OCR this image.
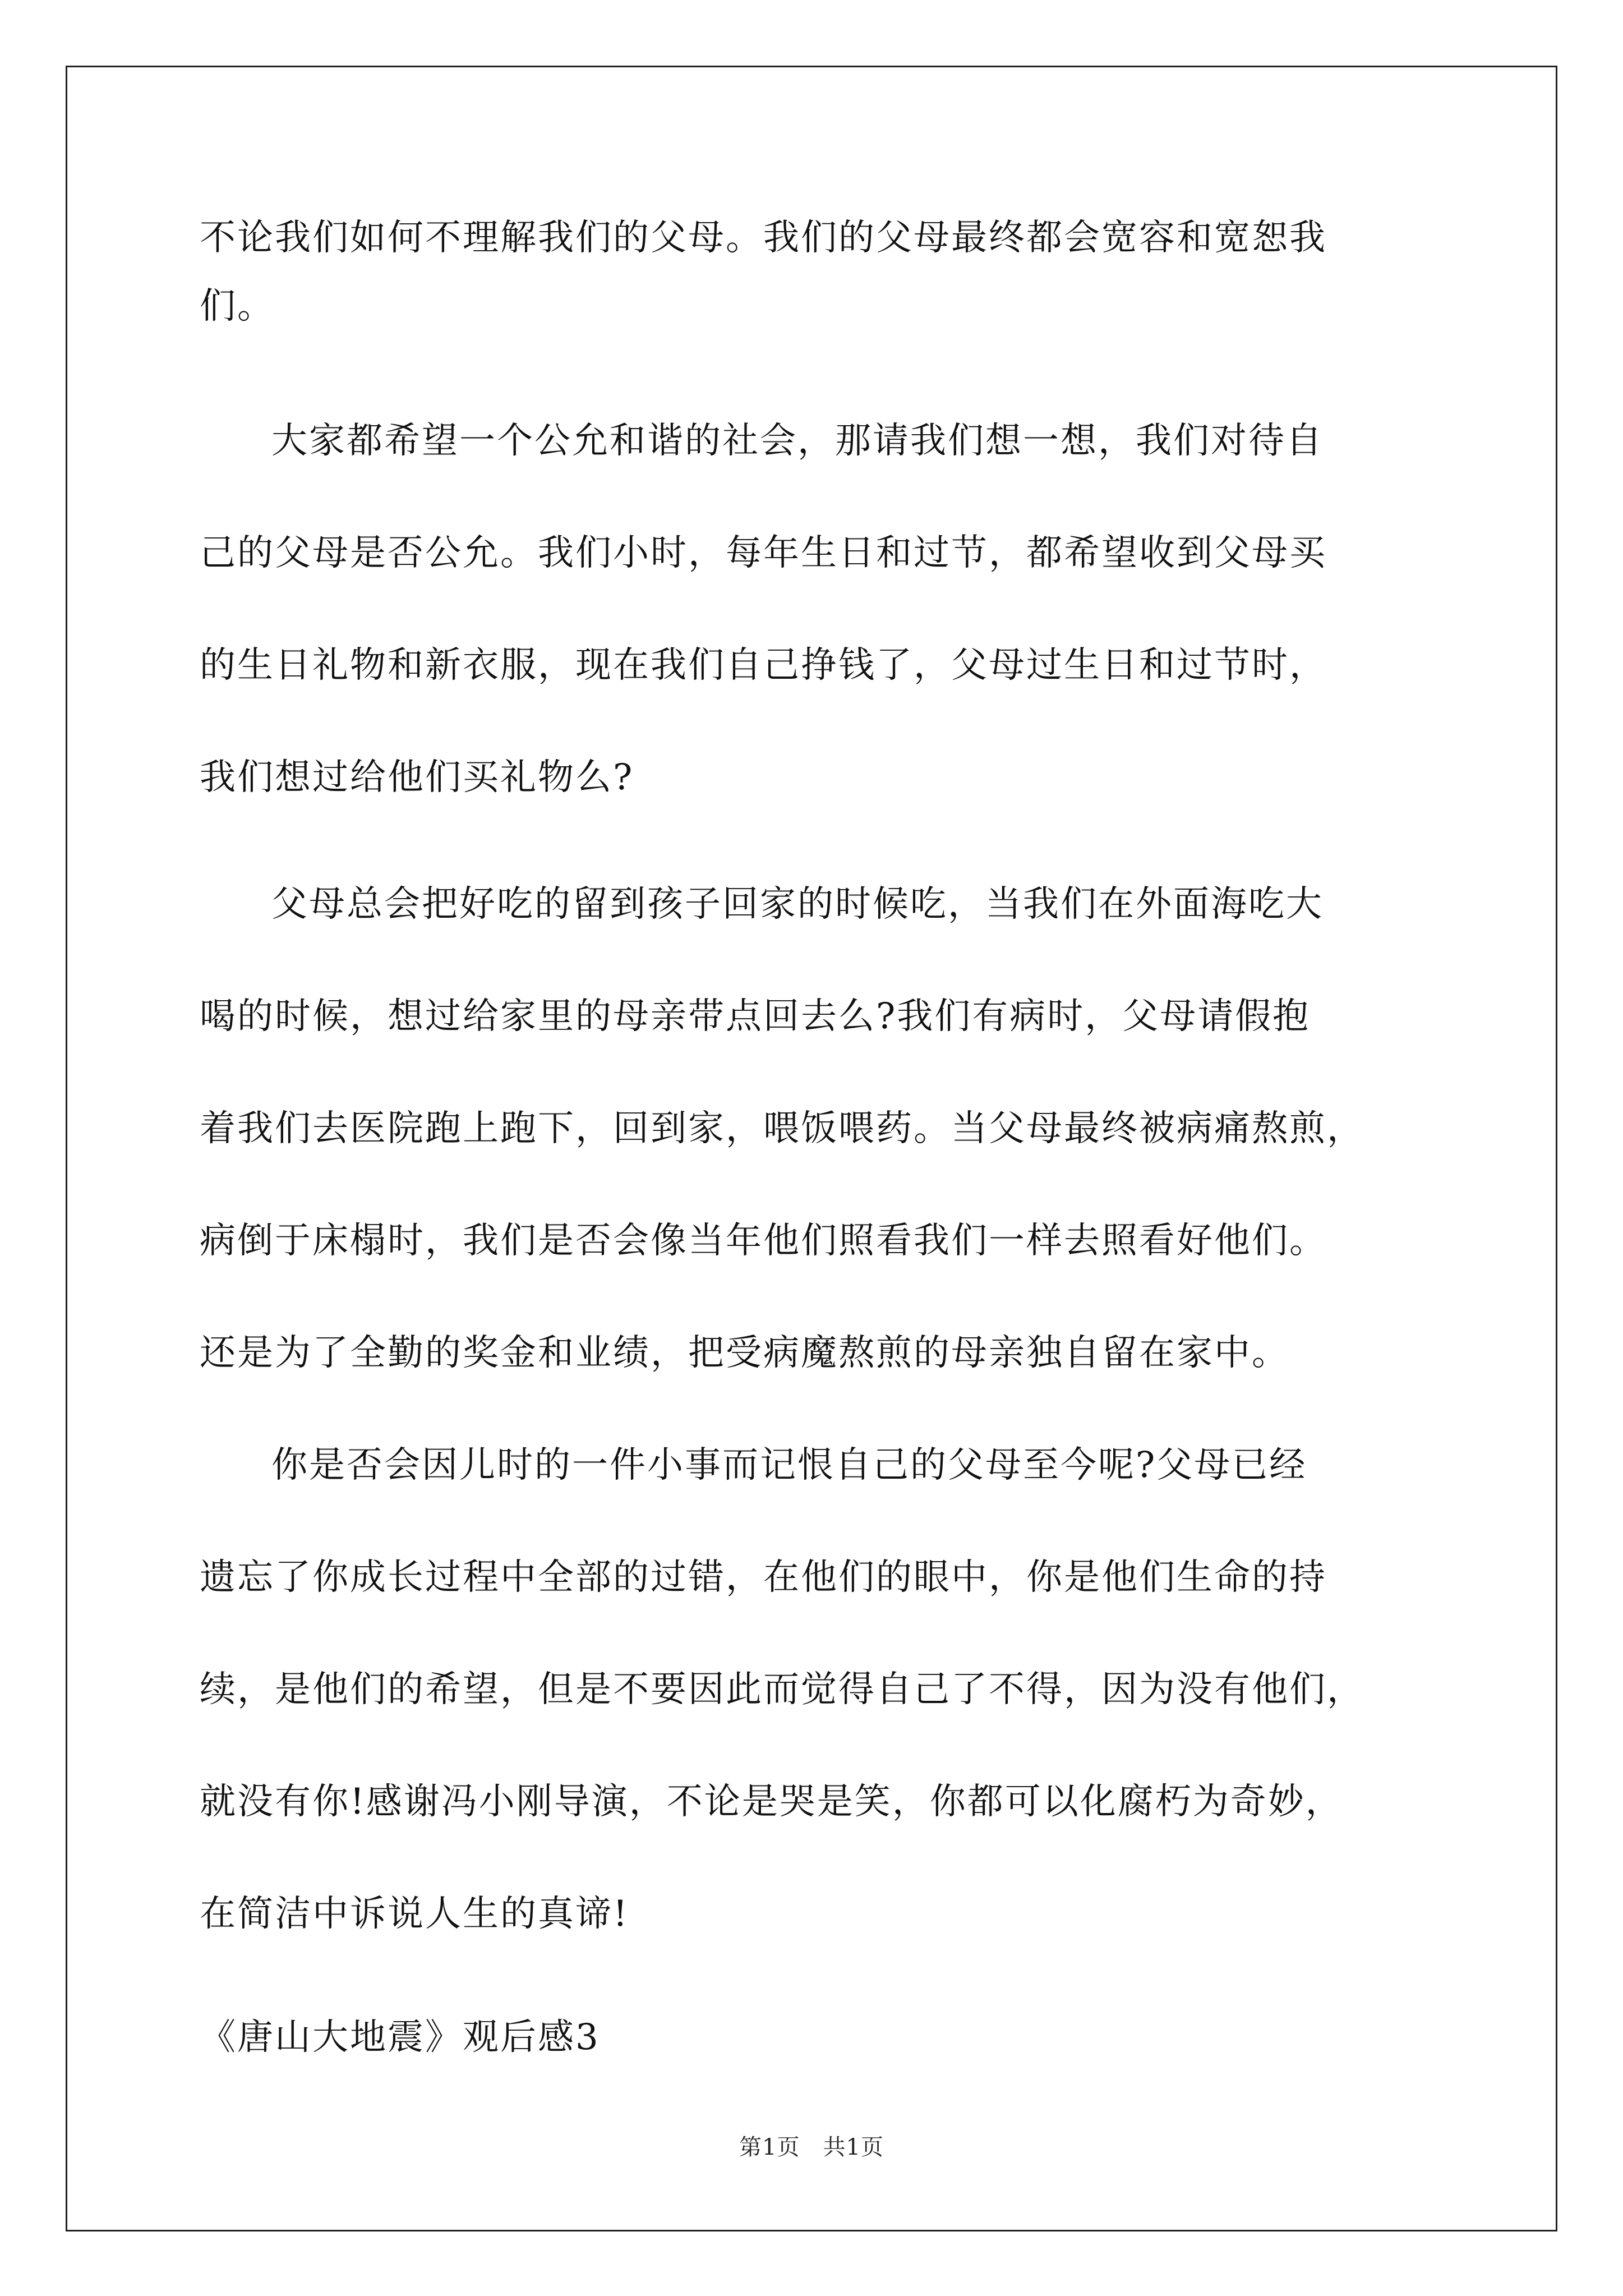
不论我们如何不理解我们的父母。我们的父母最终都会宽容和宽恕我
们。
大家都希望一个公允和谐的社会，那请我们想一想，我们对待自
己的父母是否公允。我们小时，每年生日和过节，都希望收到父母买
的生日礼物和新衣服，现在我们自己挣钱了，父母过生日和过节时，
我们想过给他们买礼物么?
父母总会把好吃的留到孩子回家的时候吃，当我们在外面海吃大
喝的时候，想过给家里的母亲带点回去么?我们有病时，父母请假抱
着我们去医院跑上跑下，回到家，喂饭喂药。当父母最终被病痛熬煎，
病倒于床榻时，我们是否会像当年他们照看我们一样去照看好他们。
还是为了全勤的奖金和业绩，把受病魔熬煎的母亲独自留在家中。
你是否会因儿时的一件小事而记恨自己的父母至今呢?父母已经
遗忘了你成长过程中全部的过错，在他们的眼中，你是他们生命的持
续，是他们的希望，但是不要因此而觉得自己了不得，因为没有他们，
就没有你!感谢冯小刚导演，不论是哭是笑，你都可以化腐朽为奇妙，
在简洁中诉说人生的真谛!
《唐山大地震》观后感3
第1页　共1页
